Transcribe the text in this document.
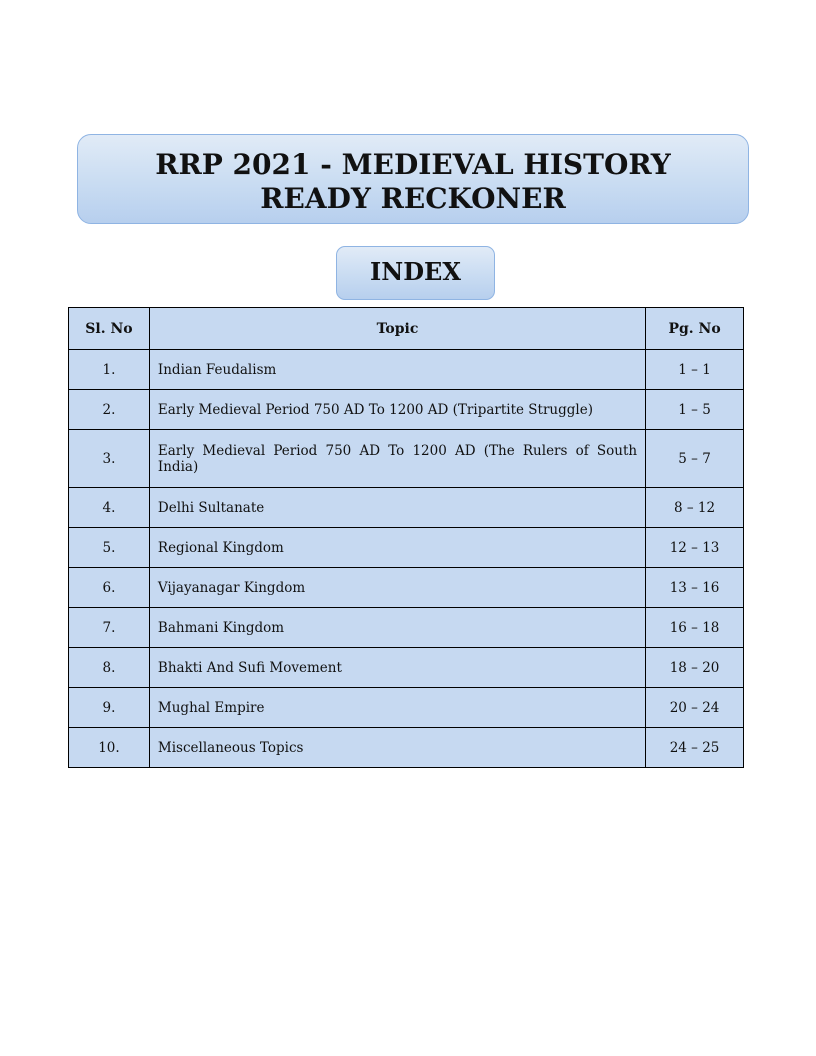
RRP 2021 - MEDIEVAL HISTORY
READY RECKONER
INDEX
Sl. No	Topic	Pg. No
1.	Indian Feudalism	1 – 1
2.	Early Medieval Period 750 AD To 1200 AD (Tripartite Struggle)	1 – 5
3.	Early Medieval Period 750 AD To 1200 AD (The Rulers of South India)	5 – 7
4.	Delhi Sultanate	8 – 12
5.	Regional Kingdom	12 – 13
6.	Vijayanagar Kingdom	13 – 16
7.	Bahmani Kingdom	16 – 18
8.	Bhakti And Sufi Movement	18 – 20
9.	Mughal Empire	20 – 24
10.	Miscellaneous Topics	24 – 25
